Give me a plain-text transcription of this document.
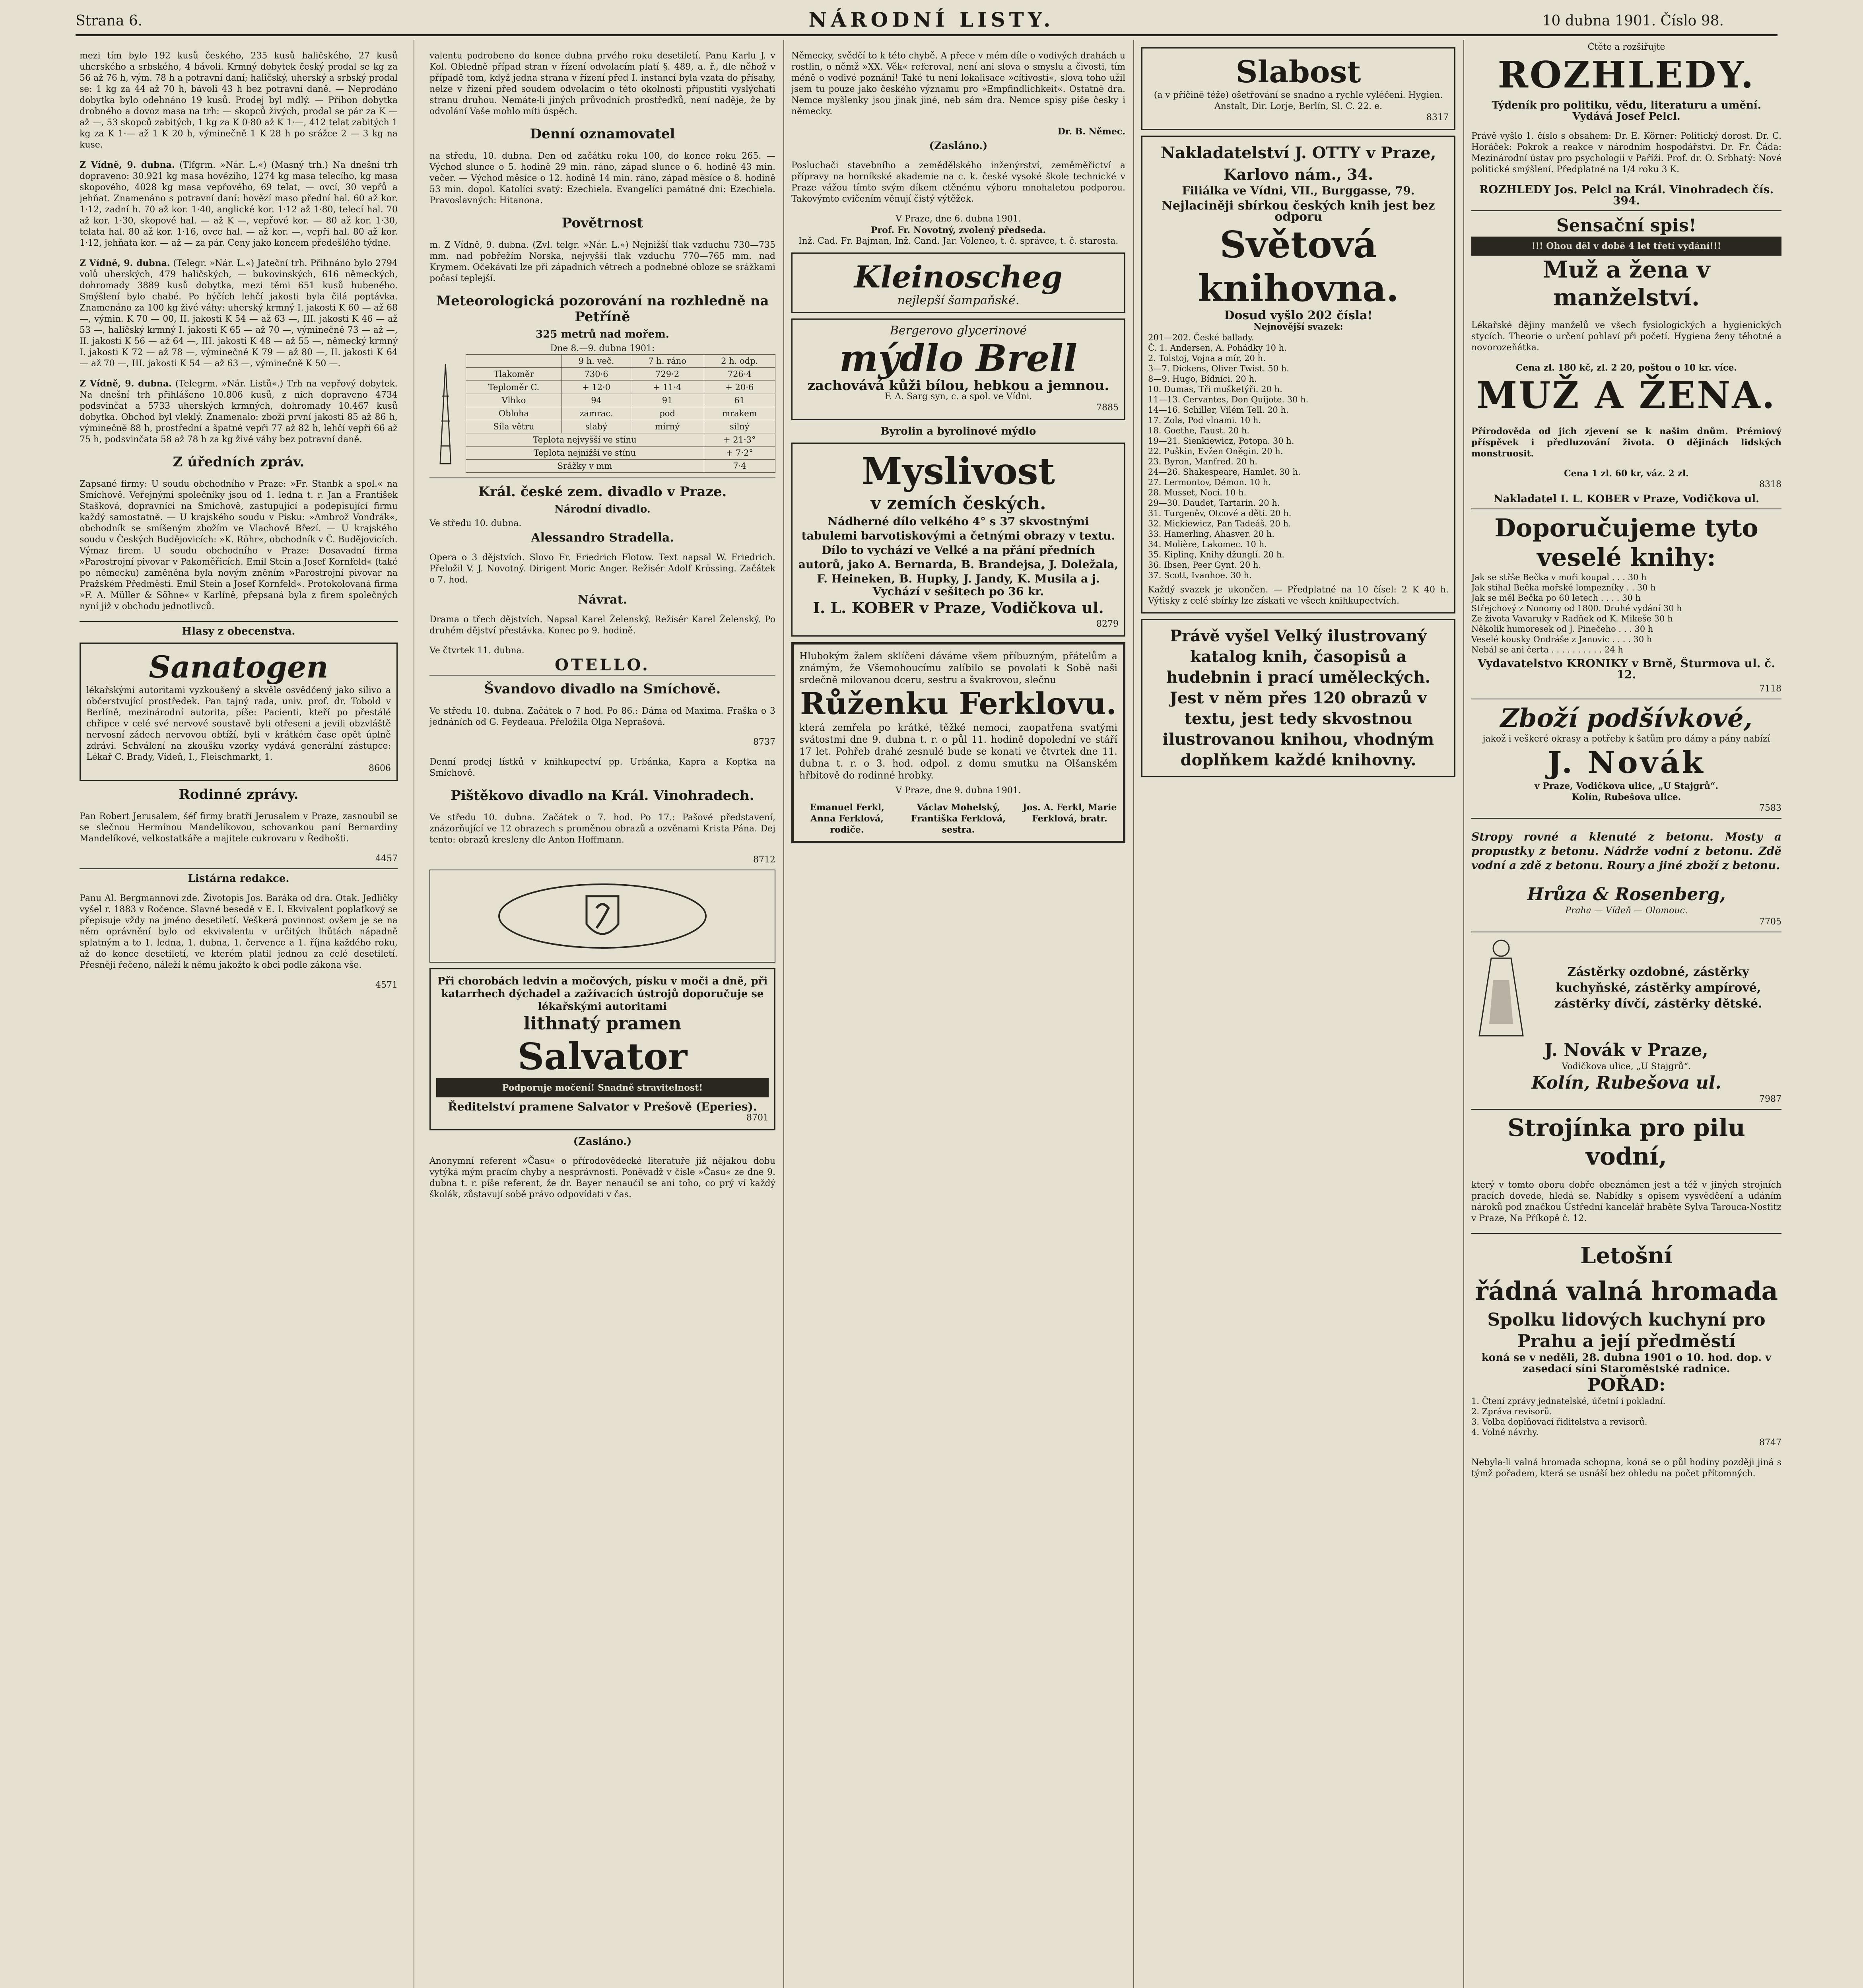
Strana 6.	NÁRODNÍ LISTY.	10 dubna 1901. Číslo 98.

mezi tím bylo 192 kusů českého, 235 kusů haličského, 27 kusů uherského a srbského, 4 bávoli. Krmný dobytek český prodal se kg za 56 až 76 h, vým. 78 h a potravní daní; haličský, uherský a srbský prodal se: 1 kg za 44 až 70 h, bávoli 43 h bez potravní daně. — Neprodáno dobytka bylo odehnáno 19 kusů. Prodej byl mdlý. — Přihon dobytka drobného a dovoz masa na trh: — skopců živých, prodal se pár za K — až —, 53 skopců zabitých, 1 kg za K 0·80 až K 1·—, 412 telat zabitých 1 kg za K 1·— až 1 K 20 h, výminečně 1 K 28 h po srážce 2 — 3 kg na kuse.

Z Vídně, 9. dubna. (Tlfgrm. »Nár. L.«) (Masný trh.) Na dnešní trh dopraveno: 30.921 kg masa hovězího, 1274 kg masa telecího, kg masa skopového, 4028 kg masa vepřového, 69 telat, — ovcí, 30 vepřů a jehňat. Znamenáno s potravní daní: hovězí maso přední hal. 60 až kor. 1·12, zadní h. 70 až kor. 1·40, anglické kor. 1·12 až 1·80, telecí hal. 70 až kor. 1·30, skopové hal. — až K —, vepřové kor. — 80 až kor. 1·30, telata hal. 80 až kor. 1·16, ovce hal. — až kor. —, vepři hal. 80 až kor. 1·12, jehňata kor. — až — za pár. Ceny jako koncem předešlého týdne.

Z Vídně, 9. dubna. (Telegr. »Nár. L.«) Jateční trh. Přihnáno bylo 2794 volů uherských, 479 haličských, — bukovinských, 616 německých, dohromady 3889 kusů dobytka, mezi těmi 651 kusů hubeného. Smýšlení bylo chabé. Po býčích lehčí jakosti byla čilá poptávka. Znamenáno za 100 kg živé váhy: uherský krmný I. jakosti K 60 — až 68 —, výmin. K 70 — 00, II. jakosti K 54 — až 63 —, III. jakosti K 46 — až 53 —, haličský krmný I. jakosti K 65 — až 70 —, výminečně 73 — až —, II. jakosti K 56 — až 64 —, III. jakosti K 48 — až 55 —, německý krmný I. jakosti K 72 — až 78 —, výminečně K 79 — až 80 —, II. jakosti K 64 — až 70 —, III. jakosti K 54 — až 63 —, výminečně K 50 —.

Z Vídně, 9. dubna. (Telegrm. »Nár. Listů«.) Trh na vepřový dobytek. Na dnešní trh přihlášeno 10.806 kusů, z nich dopraveno 4734 podsvinčat a 5733 uherských krmných, dohromady 10.467 kusů dobytka. Obchod byl vleklý. Znamenalo: zboží první jakosti 85 až 86 h, výminečně 88 h, prostřední a špatné vepři 77 až 82 h, lehčí vepři 66 až 75 h, podsvinčata 58 až 78 h za kg živé váhy bez potravní daně.

Z úředních zpráv.

Zapsané firmy: U soudu obchodního v Praze: »Fr. Stanbk a spol.« na Smíchově. Veřejnými společníky jsou od 1. ledna t. r. Jan a František Stašková, dopravníci na Smíchově, zastupující a podepisující firmu každý samostatně. — U krajského soudu v Písku: »Ambrož Vondrák«, obchodník se smíšeným zbožím ve Vlachově Březí. — U krajského soudu v Českých Budějovicích: »K. Röhr«, obchodník v Č. Budějovicích. Výmaz firem. U soudu obchodního v Praze: Dosavadní firma »Parostrojní pivovar v Pakoměřicích. Emil Stein a Josef Kornfeld« (také po německu) zaměněna byla novým zněním »Parostrojní pivovar na Pražském Předměstí. Emil Stein a Josef Kornfeld«. Protokolovaná firma »F. A. Müller & Söhne« v Karlíně, přepsaná byla z firem společných nyní již v obchodu jednotlivců.

Hlasy z obecenstva.
Sanatogen
lékařskými autoritami vyzkoušený a skvěle osvědčený jako silivo a občerstvující prostředek. Pan tajný rada, univ. prof. dr. Tobold v Berlíně, mezinárodní autorita, píše: Pacienti, kteří po přestálé chřipce v celé své nervové soustavě byli otřeseni a jevili obzvláště nervosní zádech nervovou obtíží, byli v krátkém čase opět úplně zdrávi. Schválení na zkoušku vzorky vydává generální zástupce: Lékař C. Brady, Vídeň, I., Fleischmarkt, 1.
8606
Rodinné zprávy.

Pan Robert Jerusalem, šéf firmy bratří Jerusalem v Praze, zasnoubil se se slečnou Hermínou Mandelíkovou, schovankou paní Bernardiny Mandelíkové, velkostatkáře a majitele cukrovaru v Ředhošti.

4457
Listárna redakce.

Panu Al. Bergmannovi zde. Životopis Jos. Baráka od dra. Otak. Jedličky vyšel r. 1883 v Ročence. Slavné besedě v E. I. Ekvivalent poplatkový se přepisuje vždy na jméno desetiletí. Veškerá povinnost ovšem je se na něm oprávnění bylo od ekvivalentu v určitých lhůtách nápadně splatným a to 1. ledna, 1. dubna, 1. července a 1. října každého roku, až do konce desetiletí, ve kterém platil jednou za celé desetiletí. Přesněji řečeno, náleží k němu jakožto k obci podle zákona vše.

4571

valentu podrobeno do konce dubna prvého roku desetiletí. Panu Karlu J. v Kol. Obledně případ stran v řízení odvolacím platí §. 489, a. ř., dle něhož v případě tom, když jedna strana v řízení před I. instancí byla vzata do přísahy, nelze v řízení před soudem odvolacím o této okolnosti připustiti vyslýchati stranu druhou. Nemáte-li jiných průvodních prostředků, není naděje, že by odvolání Vaše mohlo míti úspěch.

Denní oznamovatel

na středu, 10. dubna. Den od začátku roku 100, do konce roku 265. — Východ slunce o 5. hodině 29 min. ráno, západ slunce o 6. hodině 43 min. večer. — Východ měsíce o 12. hodině 14 min. ráno, západ měsíce o 8. hodině 53 min. dopol. Katolíci svatý: Ezechiela. Evangelíci památné dni: Ezechiela. Pravoslavných: Hitanona.

Povětrnost

m. Z Vídně, 9. dubna. (Zvl. telgr. »Nár. L.«) Nejnižší tlak vzduchu 730—735 mm. nad pobřežím Norska, nejvyšší tlak vzduchu 770—765 mm. nad Krymem. Očekávati lze při západních větrech a podnebné obloze se srážkami počasí teplejší.

Meteorologická pozorování na rozhledně na Petříně
325 metrů nad mořem.
Dne 8.—9. dubna 1901:
	9 h. več.	7 h. ráno	2 h. odp.
Tlakoměr	730·6	729·2	726·4
Teploměr C.	+ 12·0	+ 11·4	+ 20·6
Vlhko	94	91	61
Obloha	zamrac.	pod	mrakem
Síla větru	slabý	mírný	silný
Teplota nejvyšší ve stínu			+ 21·3°
Teplota nejnižší ve stínu			+ 7·2°
Srážky v mm			7·4
Král. české zem. divadlo v Praze.
Národní divadlo.
Ve středu 10. dubna.
Alessandro Stradella.

Opera o 3 dějstvích. Slovo Fr. Friedrich Flotow. Text napsal W. Friedrich. Přeložil V. J. Novotný. Dirigent Moric Anger. Režisér Adolf Krössing. Začátek o 7. hod.

Návrat.

Drama o třech dějstvích. Napsal Karel Želenský. Režisér Karel Želenský. Po druhém dějství přestávka. Konec po 9. hodině.

Ve čtvrtek 11. dubna.
OTELLO.
Švandovo divadlo na Smíchově.

Ve středu 10. dubna. Začátek o 7 hod. Po 86.: Dáma od Maxima. Fraška o 3 jednáních od G. Feydeaua. Přeložila Olga Neprašová.

8737

Denní prodej lístků v knihkupectví pp. Urbánka, Kapra a Koptka na Smíchově.

Pištěkovo divadlo na Král. Vinohradech.

Ve středu 10. dubna. Začátek o 7. hod. Po 17.: Pašové představení, znázorňující ve 12 obrazech s proměnou obrazů a ozvěnami Krista Pána. Dej tento: obrazů kresleny dle Anton Hoffmann.

8712
Při chorobách ledvin a močových, písku v moči a dně, při katarrhech dýchadel a zažívacích ústrojů doporučuje se lékařskými autoritami
lithnatý pramen
Salvator
Podporuje močení! Snadně stravitelnost!
Ředitelství pramene Salvator v Prešově (Eperies).
8701
(Zasláno.)

Anonymní referent »Času« o přírodovědecké literatuře již nějakou dobu vytýká mým pracím chyby a nesprávnosti. Poněvadž v čísle »Času« ze dne 9. dubna t. r. píše referent, že dr. Bayer nenaučil se ani toho, co prý ví každý školák, zůstavují sobě právo odpovídati v čas.

Německy, svědčí to k této chybě. A přece v mém díle o vodivých drahách u rostlin, o němž »XX. Věk« referoval, není ani slova o smyslu a čivosti, tím méně o vodivé poznání! Také tu není lokalisace »cítivosti«, slova toho užil jsem tu pouze jako českého významu pro »Empfindlichkeit«. Ostatně dra. Nemce myšlenky jsou jinak jiné, neb sám dra. Nemce spisy píše česky i německy.

Dr. B. Němec.
(Zasláno.)

Posluchači stavebního a zemědělského inženýrství, zeměměřictví a přípravy na horníkské akademie na c. k. české vysoké škole technické v Praze vážou tímto svým díkem ctěnému výboru mnohaletou podporou. Takovýmto cvičením věnují čistý výtěžek.

V Praze, dne 6. dubna 1901.
Prof. Fr. Novotný, zvolený předseda.
Inž. Cad. Fr. Bajman, Inž. Cand. Jar. Voleneo, t. č. správce, t. č. starosta.
Kleinoscheg
nejlepší šampaňské.
Bergerovo glycerinové
mýdlo Brell
zachovává kůži bílou, hebkou a jemnou.
F. A. Sarg syn, c. a spol. ve Vídni.
7885
Byrolin a byrolinové mýdlo
Myslivost
v zemích českých.
Nádherné dílo velkého 4° s 37 skvostnými tabulemi barvotiskovými a četnými obrazy v textu. Dílo to vychází ve Velké a na přání předních autorů, jako A. Bernarda, B. Brandejsa, J. Doležala, F. Heineken, B. Hupky, J. Jandy, K. Musila a j.
Vychází v sešitech po 36 kr.
I. L. KOBER v Praze, Vodičkova ul.
8279
Hlubokým žalem sklíčeni dáváme všem příbuzným, přátelům a známým, že Všemohoucímu zalíbilo se povolati k Sobě naši srdečně milovanou dceru, sestru a švakrovou, slečnu
Růženku Ferklovu.
která zemřela po krátké, těžké nemoci, zaopatřena svatými svátostmi dne 9. dubna t. r. o půl 11. hodině dopolední ve stáří 17 let. Pohřeb drahé zesnulé bude se konati ve čtvrtek dne 11. dubna t. r. o 3. hod. odpol. z domu smutku na Olšanském hřbitově do rodinné hrobky.
V Praze, dne 9. dubna 1901.
Emanuel Ferkl, Anna Ferklová, rodiče.
Václav Mohelský, Františka Ferklová, sestra.
Jos. A. Ferkl, Marie Ferklová, bratr.
Slabost
(a v příčině téže) ošetřování se snadno a rychle vyléčení. Hygien. Anstalt, Dir. Lorje, Berlín, Sl. C. 22. e.
8317
Nakladatelství J. OTTY v Praze,
Karlovo nám., 34.
Filiálka ve Vídni, VII., Burggasse, 79.
Nejlaciněji sbírkou českých knih jest bez odporu
Světová knihovna.
Dosud vyšlo 202 čísla!
Nejnovější svazek:
201—202. České ballady.
Č. 1. Andersen, A. Pohádky 10 h.
2. Tolstoj, Vojna a mír, 20 h.
3—7. Dickens, Oliver Twist. 50 h.
8—9. Hugo, Bídníci. 20 h.
10. Dumas, Tři mušketýři. 20 h.
11—13. Cervantes, Don Quijote. 30 h.
14—16. Schiller, Vilém Tell. 20 h.
17. Zola, Pod vlnami. 10 h.
18. Goethe, Faust. 20 h.
19—21. Sienkiewicz, Potopa. 30 h.
22. Puškin, Evžen Oněgin. 20 h.
23. Byron, Manfred. 20 h.
24—26. Shakespeare, Hamlet. 30 h.
27. Lermontov, Démon. 10 h.
28. Musset, Noci. 10 h.
29—30. Daudet, Tartarin. 20 h.
31. Turgeněv, Otcové a děti. 20 h.
32. Mickiewicz, Pan Tadeáš. 20 h.
33. Hamerling, Ahasver. 20 h.
34. Molière, Lakomec. 10 h.
35. Kipling, Knihy džunglí. 20 h.
36. Ibsen, Peer Gynt. 20 h.
37. Scott, Ivanhoe. 30 h.
Každý svazek je ukončen. — Předplatné na 10 čísel: 2 K 40 h. Výtisky z celé sbírky lze získati ve všech knihkupectvích.
Právě vyšel Velký ilustrovaný katalog knih, časopisů a hudebnin i prací uměleckých. Jest v něm přes 120 obrazů v textu, jest tedy skvostnou ilustrovanou knihou, vhodným doplňkem každé knihovny.
Čtěte a rozšiřujte
ROZHLEDY.
Týdeník pro politiku, vědu, literaturu a umění. Vydává Josef Pelcl.

Právě vyšlo 1. číslo s obsahem: Dr. E. Körner: Politický dorost. Dr. C. Horáček: Pokrok a reakce v národním hospodářství. Dr. Fr. Čáda: Mezinárodní ústav pro psychologii v Paříži. Prof. dr. O. Srbhatý: Nové politické smýšlení. Předplatné na 1/4 roku 3 K.

ROZHLEDY Jos. Pelcl na Král. Vinohradech čís. 394.
Sensační spis!
!!! Ohou děl v době 4 let třetí vydání!!!
Muž a žena v manželství.

Lékařské dějiny manželů ve všech fysiologických a hygienických stycích. Theorie o určení pohlaví při početí. Hygiena ženy těhotné a novorozeňátka.

Cena zl. 180 kč, zl. 2 20, poštou o 10 kr. více.
MUŽ A ŽENA.

Přírodověda od jich zjevení se k našim dnům. Prémiový příspěvek i předluzování života. O dějinách lidských monstruosit.

Cena 1 zl. 60 kr, váz. 2 zl.
8318
Nakladatel I. L. KOBER v Praze, Vodičkova ul.
Doporučujeme tyto veselé knihy:
Jak se střše Bečka v moři koupal . . . 30 h
Jak stihal Bečka mořské lompezníky . . 30 h
Jak se měl Bečka po 60 letech . . . . 30 h
Střejchový z Nonomy od 1800. Druhé vydání 30 h
Ze života Vavaruky v Radňek od K. Mikeše 30 h
Několik humoresek od J. Pinečeho . . . 30 h
Veselé kousky Ondráše z Janovic . . . . 30 h
Nebál se ani čerta . . . . . . . . . . 24 h
Vydavatelstvo KRONIKY v Brně, Šturmova ul. č. 12.
7118
Zboží podšívkové,
jakož i veškeré okrasy a potřeby k šatům pro dámy a pány nabízí
J. Novák
v Praze, Vodičkova ulice, „U Stajgrů“.
Kolín, Rubešova ulice.
7583

Stropy rovné a klenuté z betonu. Mosty a propustky z betonu. Nádrže vodní z betonu. Zdě vodní a zdě z betonu. Roury a jiné zboží z betonu.

Hrůza & Rosenberg,
Praha — Vídeň — Olomouc.
7705
Zástěrky ozdobné, zástěrky kuchyňské, zástěrky ampírové, zástěrky dívčí, zástěrky dětské.
J. Novák v Praze,
Vodičkova ulice, „U Stajgrů“.
Kolín, Rubešova ul.
7987
Strojínka pro pilu vodní,

který v tomto oboru dobře obeznámen jest a též v jiných strojních pracích dovede, hledá se. Nabídky s opisem vysvědčení a udáním nároků pod značkou Ústřední kancelář hraběte Sylva Tarouca-Nostitz v Praze, Na Příkopě č. 12.

Letošní
řádná valná hromada
Spolku lidových kuchyní pro Prahu a její předměstí
koná se v neděli, 28. dubna 1901 o 10. hod. dop. v zasedací síni Staroměstské radnice.
POŘAD:
1. Čtení zprávy jednatelské, účetní i pokladní.
2. Zpráva revisorů.
3. Volba doplňovací řiditelstva a revisorů.
4. Volné návrhy.
8747

Nebyla-li valná hromada schopna, koná se o půl hodiny později jiná s týmž pořadem, která se usnáší bez ohledu na počet přítomných.
